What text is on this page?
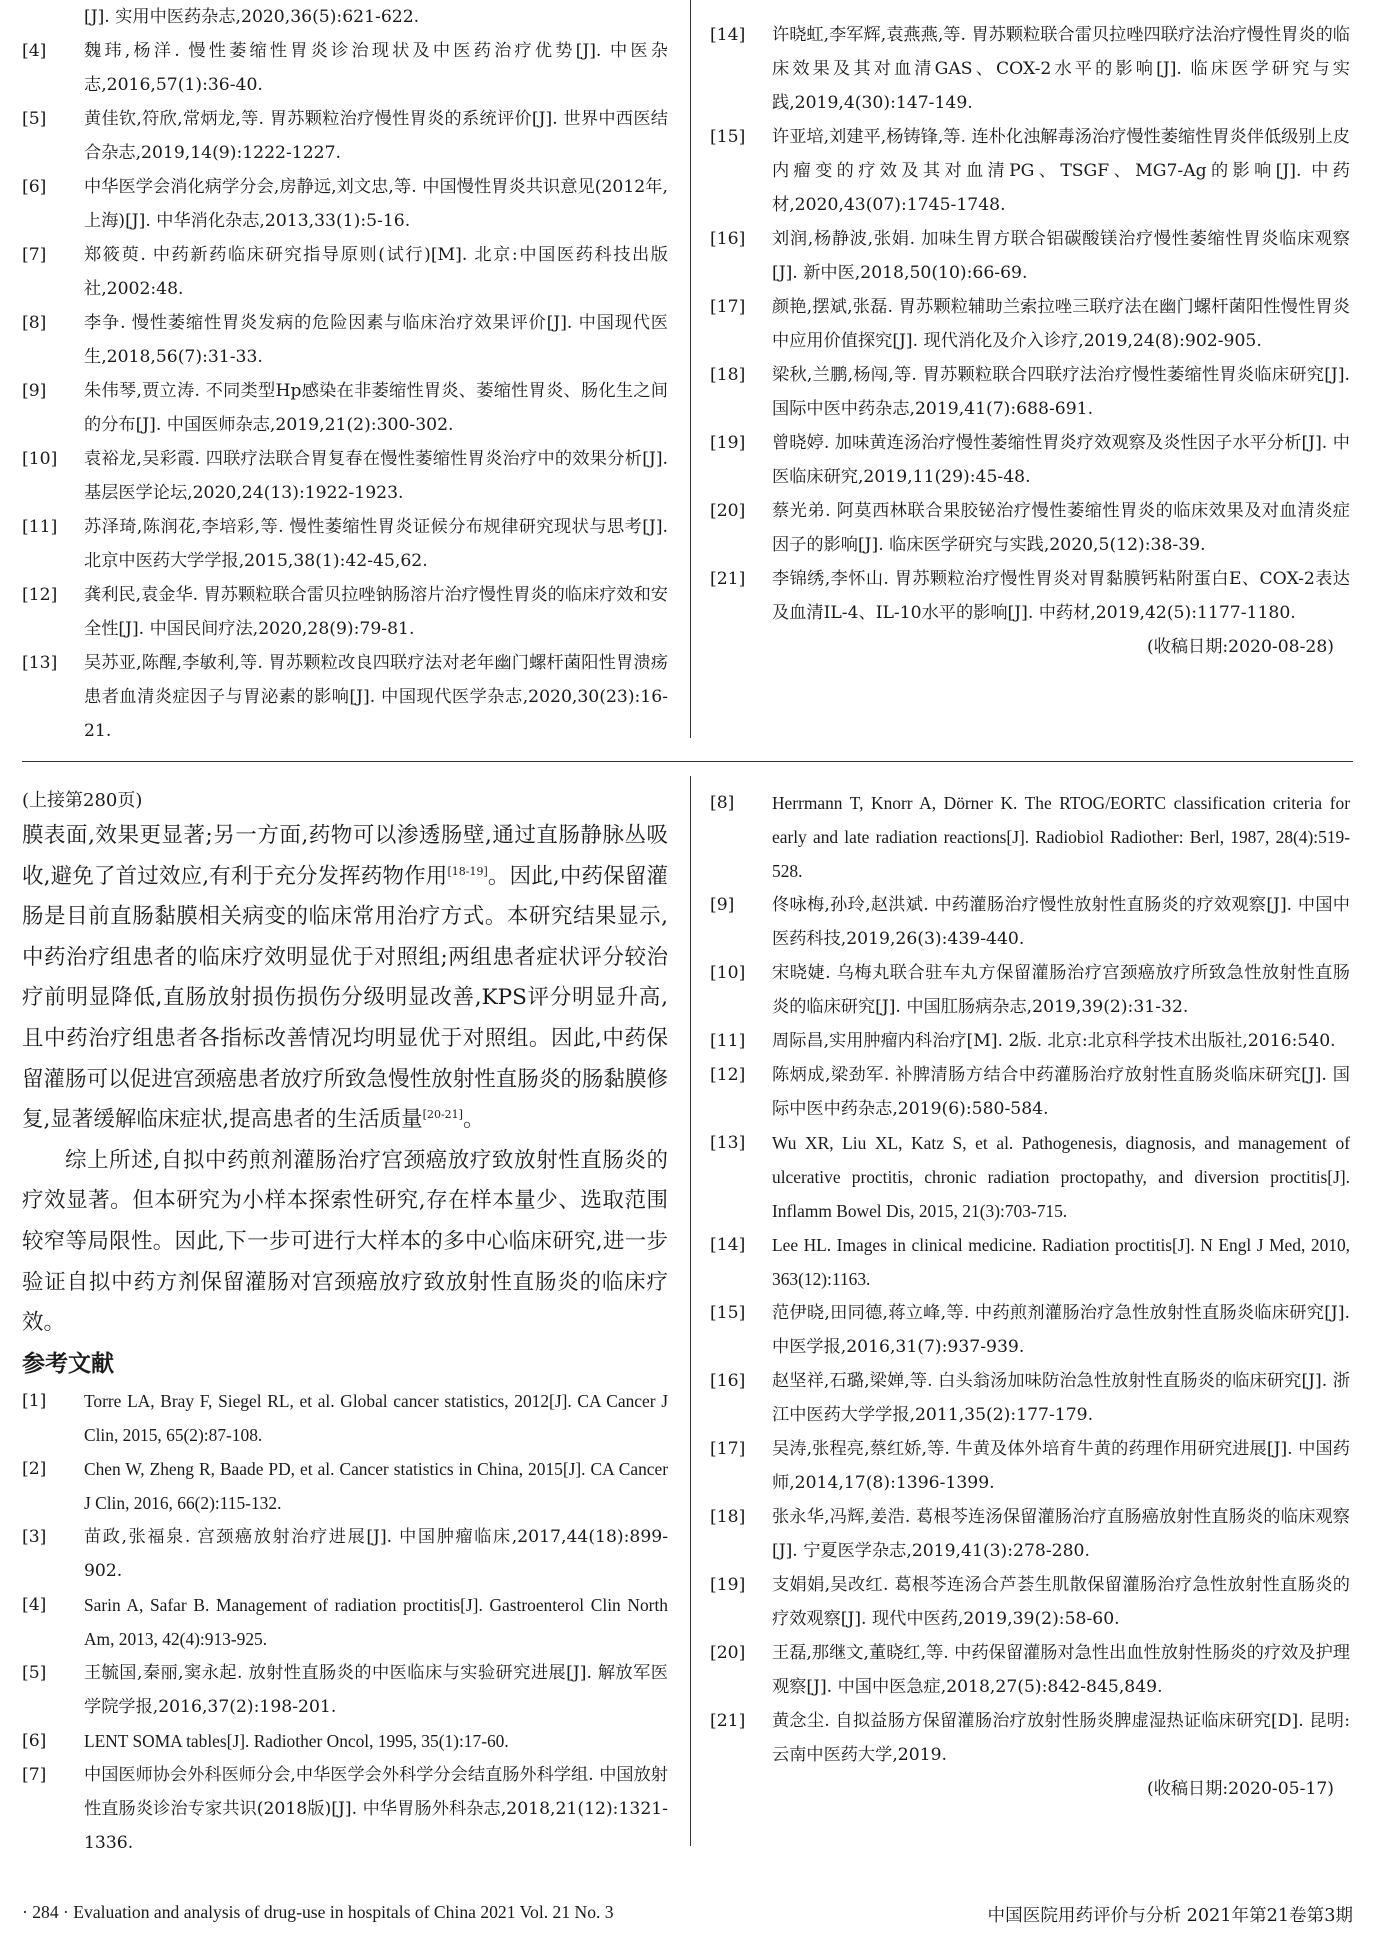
[J]. 实用中医药杂志,2020,36(5):621-622.
[4]	魏玮,杨洋. 慢性萎缩性胃炎诊治现状及中医药治疗优势[J]. 中医杂志,2016,57(1):36-40.
[5]	黄佳钦,符欣,常炳龙,等. 胃苏颗粒治疗慢性胃炎的系统评价[J]. 世界中西医结合杂志,2019,14(9):1222-1227.
[6]	中华医学会消化病学分会,房静远,刘文忠,等. 中国慢性胃炎共识意见(2012年,上海)[J]. 中华消化杂志,2013,33(1):5-16.
[7]	郑筱萸. 中药新药临床研究指导原则(试行)[M]. 北京:中国医药科技出版社,2002:48.
[8]	李争. 慢性萎缩性胃炎发病的危险因素与临床治疗效果评价[J]. 中国现代医生,2018,56(7):31-33.
[9]	朱伟琴,贾立涛. 不同类型Hp感染在非萎缩性胃炎、萎缩性胃炎、肠化生之间的分布[J]. 中国医师杂志,2019,21(2):300-302.
[10]	袁裕龙,吴彩霞. 四联疗法联合胃复春在慢性萎缩性胃炎治疗中的效果分析[J]. 基层医学论坛,2020,24(13):1922-1923.
[11]	苏泽琦,陈润花,李培彩,等. 慢性萎缩性胃炎证候分布规律研究现状与思考[J]. 北京中医药大学学报,2015,38(1):42-45,62.
[12]	龚利民,袁金华. 胃苏颗粒联合雷贝拉唑钠肠溶片治疗慢性胃炎的临床疗效和安全性[J]. 中国民间疗法,2020,28(9):79-81.
[13]	吴苏亚,陈醒,李敏利,等. 胃苏颗粒改良四联疗法对老年幽门螺杆菌阳性胃溃疡患者血清炎症因子与胃泌素的影响[J]. 中国现代医学杂志,2020,30(23):16-21.
[14]	许晓虹,李军辉,袁燕燕,等. 胃苏颗粒联合雷贝拉唑四联疗法治疗慢性胃炎的临床效果及其对血清GAS、COX-2水平的影响[J]. 临床医学研究与实践,2019,4(30):147-149.
[15]	许亚培,刘建平,杨铸锋,等. 连朴化浊解毒汤治疗慢性萎缩性胃炎伴低级别上皮内瘤变的疗效及其对血清PG、TSGF、MG7-Ag的影响[J]. 中药材,2020,43(07):1745-1748.
[16]	刘润,杨静波,张娟. 加味生胃方联合铝碳酸镁治疗慢性萎缩性胃炎临床观察[J]. 新中医,2018,50(10):66-69.
[17]	颜艳,摆斌,张磊. 胃苏颗粒辅助兰索拉唑三联疗法在幽门螺杆菌阳性慢性胃炎中应用价值探究[J]. 现代消化及介入诊疗,2019,24(8):902-905.
[18]	梁秋,兰鹏,杨闯,等. 胃苏颗粒联合四联疗法治疗慢性萎缩性胃炎临床研究[J]. 国际中医中药杂志,2019,41(7):688-691.
[19]	曾晓婷. 加味黄连汤治疗慢性萎缩性胃炎疗效观察及炎性因子水平分析[J]. 中医临床研究,2019,11(29):45-48.
[20]	蔡光弟. 阿莫西林联合果胶铋治疗慢性萎缩性胃炎的临床效果及对血清炎症因子的影响[J]. 临床医学研究与实践,2020,5(12):38-39.
[21]	李锦绣,李怀山. 胃苏颗粒治疗慢性胃炎对胃黏膜钙粘附蛋白E、COX-2表达及血清IL-4、IL-10水平的影响[J]. 中药材,2019,42(5):1177-1180.
(收稿日期:2020-08-28)

(上接第280页)

膜表面,效果更显著;另一方面,药物可以渗透肠壁,通过直肠静脉丛吸收,避免了首过效应,有利于充分发挥药物作用[18-19]。因此,中药保留灌肠是目前直肠黏膜相关病变的临床常用治疗方式。本研究结果显示,中药治疗组患者的临床疗效明显优于对照组;两组患者症状评分较治疗前明显降低,直肠放射损伤损伤分级明显改善,KPS评分明显升高,且中药治疗组患者各指标改善情况均明显优于对照组。因此,中药保留灌肠可以促进宫颈癌患者放疗所致急慢性放射性直肠炎的肠黏膜修复,显著缓解临床症状,提高患者的生活质量[20-21]。

综上所述,自拟中药煎剂灌肠治疗宫颈癌放疗致放射性直肠炎的疗效显著。但本研究为小样本探索性研究,存在样本量少、选取范围较窄等局限性。因此,下一步可进行大样本的多中心临床研究,进一步验证自拟中药方剂保留灌肠对宫颈癌放疗致放射性直肠炎的临床疗效。

参考文献
[1]	Torre LA, Bray F, Siegel RL, et al. Global cancer statistics, 2012[J]. CA Cancer J Clin, 2015, 65(2):87-108.
[2]	Chen W, Zheng R, Baade PD, et al. Cancer statistics in China, 2015[J]. CA Cancer J Clin, 2016, 66(2):115-132.
[3]	苗政,张福泉. 宫颈癌放射治疗进展[J]. 中国肿瘤临床,2017,44(18):899-902.
[4]	Sarin A, Safar B. Management of radiation proctitis[J]. Gastroenterol Clin North Am, 2013, 42(4):913-925.
[5]	王毓国,秦丽,窦永起. 放射性直肠炎的中医临床与实验研究进展[J]. 解放军医学院学报,2016,37(2):198-201.
[6]	LENT SOMA tables[J]. Radiother Oncol, 1995, 35(1):17-60.
[7]	中国医师协会外科医师分会,中华医学会外科学分会结直肠外科学组. 中国放射性直肠炎诊治专家共识(2018版)[J]. 中华胃肠外科杂志,2018,21(12):1321-1336.
[8]	Herrmann T, Knorr A, Dörner K. The RTOG/EORTC classification criteria for early and late radiation reactions[J]. Radiobiol Radiother: Berl, 1987, 28(4):519-528.
[9]	佟咏梅,孙玲,赵洪斌. 中药灌肠治疗慢性放射性直肠炎的疗效观察[J]. 中国中医药科技,2019,26(3):439-440.
[10]	宋晓婕. 乌梅丸联合驻车丸方保留灌肠治疗宫颈癌放疗所致急性放射性直肠炎的临床研究[J]. 中国肛肠病杂志,2019,39(2):31-32.
[11]	周际昌,实用肿瘤内科治疗[M]. 2版. 北京:北京科学技术出版社,2016:540.
[12]	陈炳成,梁劲军. 补脾清肠方结合中药灌肠治疗放射性直肠炎临床研究[J]. 国际中医中药杂志,2019(6):580-584.
[13]	Wu XR, Liu XL, Katz S, et al. Pathogenesis, diagnosis, and management of ulcerative proctitis, chronic radiation proctopathy, and diversion proctitis[J]. Inflamm Bowel Dis, 2015, 21(3):703-715.
[14]	Lee HL. Images in clinical medicine. Radiation proctitis[J]. N Engl J Med, 2010, 363(12):1163.
[15]	范伊晓,田同德,蒋立峰,等. 中药煎剂灌肠治疗急性放射性直肠炎临床研究[J]. 中医学报,2016,31(7):937-939.
[16]	赵坚祥,石璐,梁婵,等. 白头翁汤加味防治急性放射性直肠炎的临床研究[J]. 浙江中医药大学学报,2011,35(2):177-179.
[17]	吴涛,张程亮,蔡红娇,等. 牛黄及体外培育牛黄的药理作用研究进展[J]. 中国药师,2014,17(8):1396-1399.
[18]	张永华,冯辉,姜浩. 葛根芩连汤保留灌肠治疗直肠癌放射性直肠炎的临床观察[J]. 宁夏医学杂志,2019,41(3):278-280.
[19]	支娟娟,吴改红. 葛根芩连汤合芦荟生肌散保留灌肠治疗急性放射性直肠炎的疗效观察[J]. 现代中医药,2019,39(2):58-60.
[20]	王磊,那继文,董晓红,等. 中药保留灌肠对急性出血性放射性肠炎的疗效及护理观察[J]. 中国中医急症,2018,27(5):842-845,849.
[21]	黄念尘. 自拟益肠方保留灌肠治疗放射性肠炎脾虚湿热证临床研究[D]. 昆明:云南中医药大学,2019.
(收稿日期:2020-05-17)
· 284 · Evaluation and analysis of drug-use in hospitals of China 2021 Vol. 21 No. 3	中国医院用药评价与分析 2021年第21卷第3期
